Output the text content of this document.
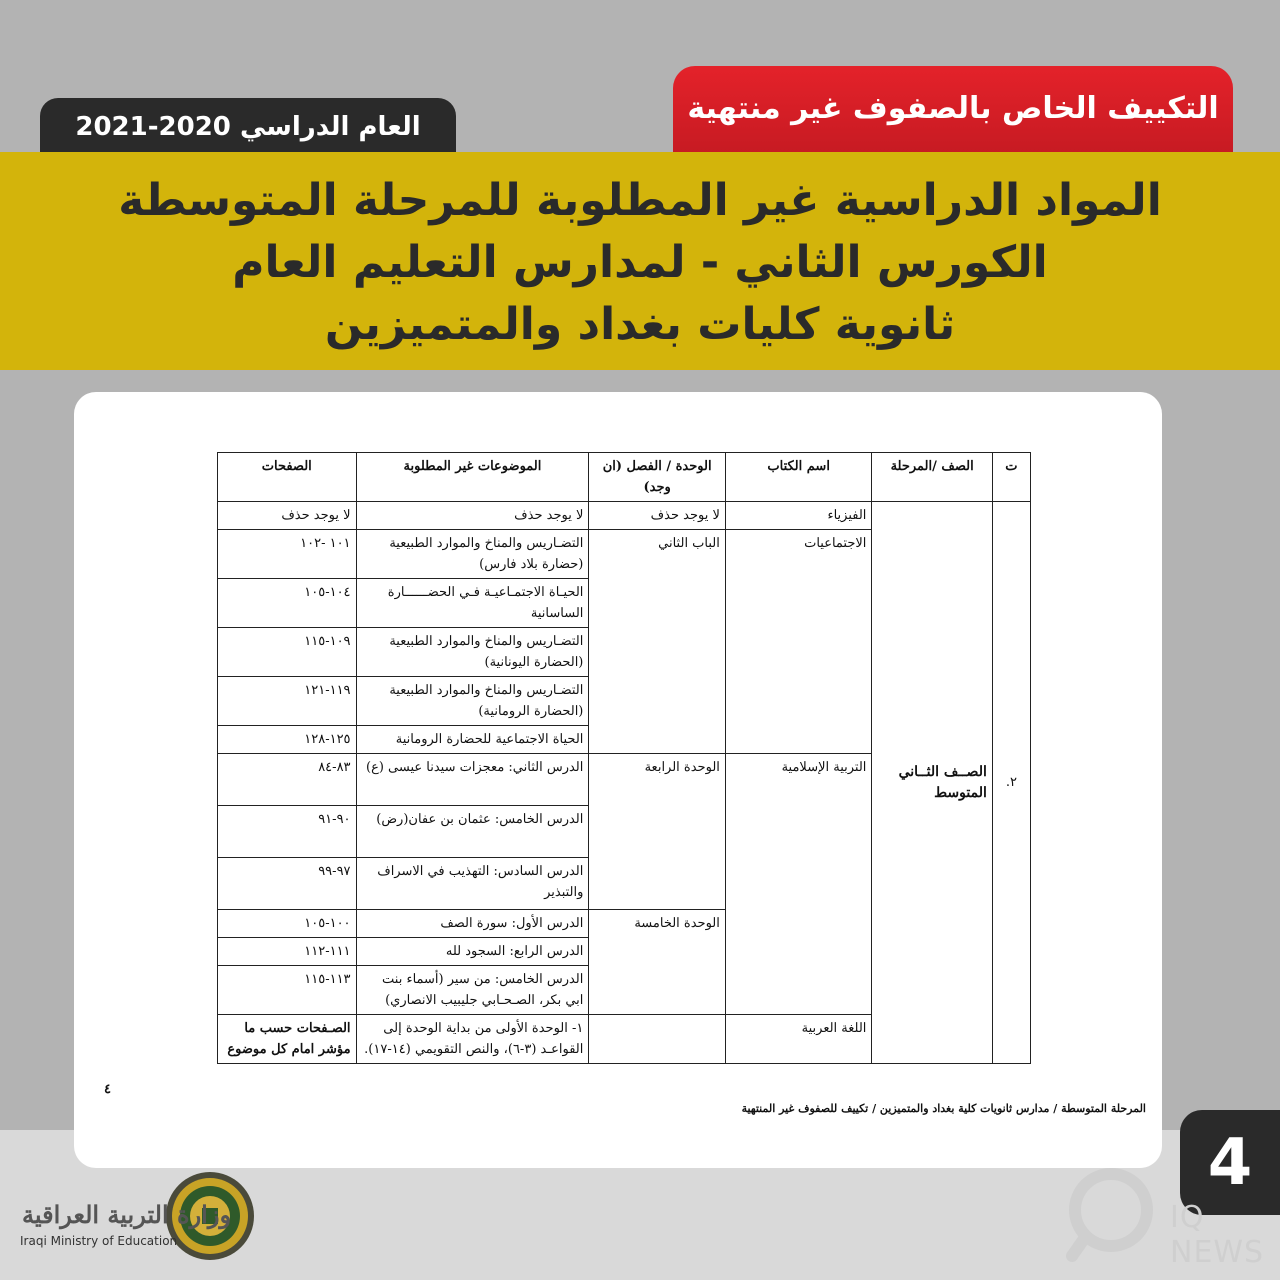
التكييف الخاص بالصفوف غير منتهية
العام الدراسي 2020-2021
المواد الدراسية غير المطلوبة للمرحلة المتوسطة
الكورس الثاني - لمدارس التعليم العام
ثانوية كليات بغداد والمتميزين
ت	الصف /المرحلة	اسم الكتاب	الوحدة / الفصل (ان وجد)	الموضوعات غير المطلوبة	الصفحات
٢.	الصــف الثــاني المتوسط	الفيزياء	لا يوجد حذف	لا يوجد حذف	لا يوجد حذف
		الاجتماعيات	الباب الثاني	التضـاريس والمناخ والموارد الطبيعية (حضارة بلاد فارس)	١٠١ -١٠٢
				الحيـاة الاجتمـاعيـة فـي الحضــــــارة الساسانية	١٠٤-١٠٥
				التضـاريس والمناخ والموارد الطبيعية (الحضارة اليونانية)	١٠٩-١١٥
				التضـاريس والمناخ والموارد الطبيعية (الحضارة الرومانية)	١١٩-١٢١
				الحياة الاجتماعية للحضارة الرومانية	١٢٥-١٢٨
		التربية الإسلامية	الوحدة الرابعة	الدرس الثاني: معجزات سيدنا عيسى (ع)	٨٣-٨٤
				الدرس الخامس: عثمان بن عفان(رض)	٩٠-٩١
				الدرس السادس: التهذيب في الاسراف والتبذير	٩٧-٩٩
			الوحدة الخامسة	الدرس الأول: سورة الصف	١٠٠-١٠٥
				الدرس الرابع: السجود لله	١١١-١١٢
				الدرس الخامس: من سير (أسماء بنت ابي بكر، الصـحـابي جليبيب الانصاري)	١١٣-١١٥
		اللغة العربية		١- الوحدة الأولى من بداية الوحدة إلى القواعـد (٣-٦)، والنص التقويمي (١٤-١٧).	الصـفحات حسب ما مؤشر امام كل موضوع
٤
المرحلة المتوسطة / مدارس ثانويات كلية بغداد والمتميزين / تكييف للصفوف غير المنتهية
4
IQ NEWS
وزارة التربية العراقية
Iraqi Ministry of Education
